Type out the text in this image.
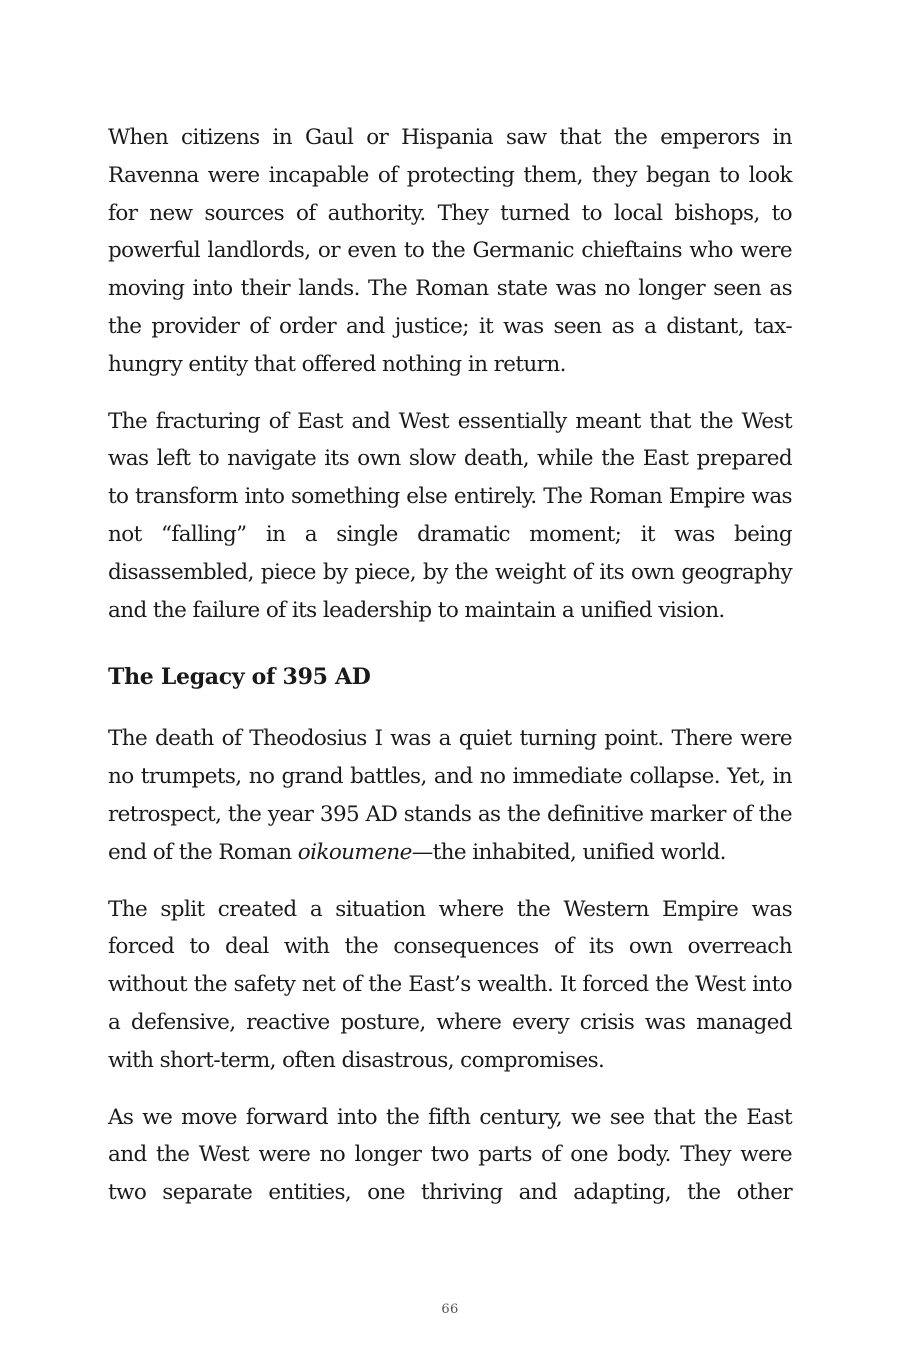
When citizens in Gaul or Hispania saw that the emperors in Ravenna were incapable of protecting them, they began to look for new sources of authority. They turned to local bishops, to powerful landlords, or even to the Germanic chieftains who were moving into their lands. The Roman state was no longer seen as the provider of order and justice; it was seen as a distant, tax-hungry entity that offered nothing in return.

The fracturing of East and West essentially meant that the West was left to navigate its own slow death, while the East prepared to transform into something else entirely. The Roman Empire was not “falling” in a single dramatic moment; it was being disassembled, piece by piece, by the weight of its own geography and the failure of its leadership to maintain a unified vision.

The Legacy of 395 AD

The death of Theodosius I was a quiet turning point. There were no trumpets, no grand battles, and no immediate collapse. Yet, in retrospect, the year 395 AD stands as the definitive marker of the end of the Roman oikoumene—the inhabited, unified world.

The split created a situation where the Western Empire was forced to deal with the consequences of its own overreach without the safety net of the East’s wealth. It forced the West into a defensive, reactive posture, where every crisis was managed with short-term, often disastrous, compromises.

As we move forward into the fifth century, we see that the East and the West were no longer two parts of one body. They were two separate entities, one thriving and adapting, the other

66
